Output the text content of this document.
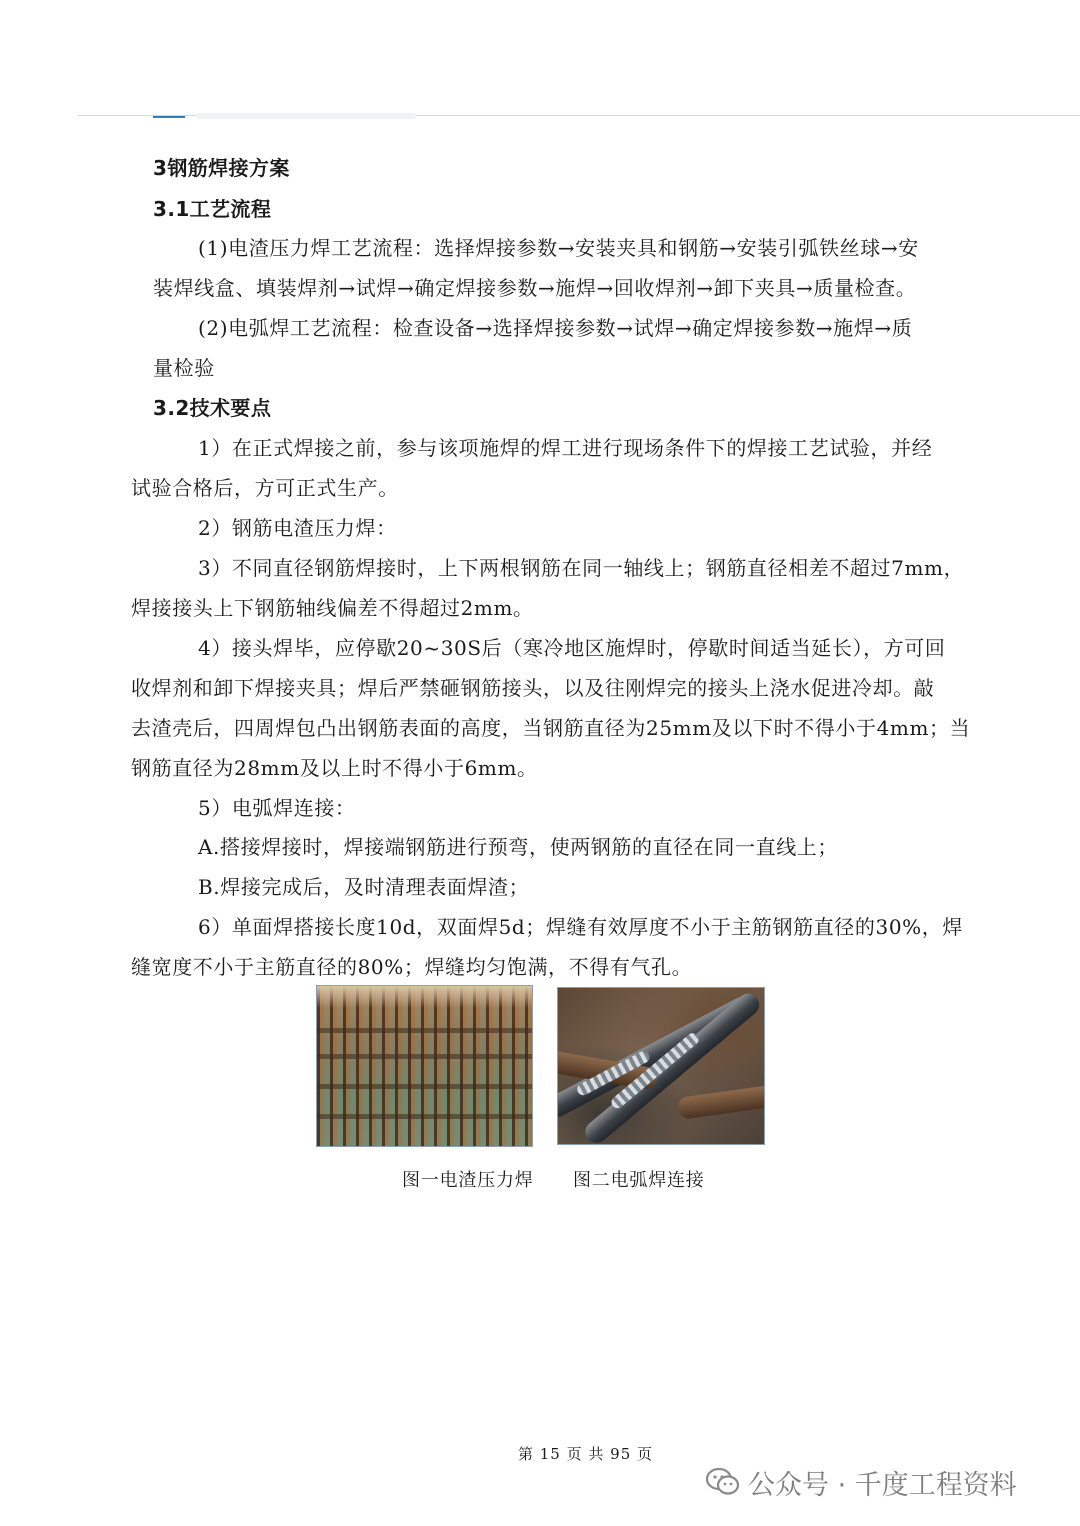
3钢筋焊接方案
3.1工艺流程
(1)电渣压力焊工艺流程：选择焊接参数→安装夹具和钢筋→安装引弧铁丝球→安
装焊线盒、填装焊剂→试焊→确定焊接参数→施焊→回收焊剂→卸下夹具→质量检查。
(2)电弧焊工艺流程：检查设备→选择焊接参数→试焊→确定焊接参数→施焊→质
量检验
3.2技术要点
1）在正式焊接之前，参与该项施焊的焊工进行现场条件下的焊接工艺试验，并经
试验合格后，方可正式生产。
2）钢筋电渣压力焊：
3）不同直径钢筋焊接时，上下两根钢筋在同一轴线上；钢筋直径相差不超过7mm，
焊接接头上下钢筋轴线偏差不得超过2mm。
4）接头焊毕，应停歇20~30S后（寒冷地区施焊时，停歇时间适当延长），方可回
收焊剂和卸下焊接夹具；焊后严禁砸钢筋接头，以及往刚焊完的接头上浇水促进冷却。敲
去渣壳后，四周焊包凸出钢筋表面的高度，当钢筋直径为25mm及以下时不得小于4mm；当
钢筋直径为28mm及以上时不得小于6mm。
5）电弧焊连接：
A.搭接焊接时，焊接端钢筋进行预弯，使两钢筋的直径在同一直线上；
B.焊接完成后，及时清理表面焊渣；
6）单面焊搭接长度10d，双面焊5d；焊缝有效厚度不小于主筋钢筋直径的30%，焊
缝宽度不小于主筋直径的80%；焊缝均匀饱满，不得有气孔。
图一电渣压力焊 图二电弧焊连接
第 15 页 共 95 页
公众号 · 千度工程资料
